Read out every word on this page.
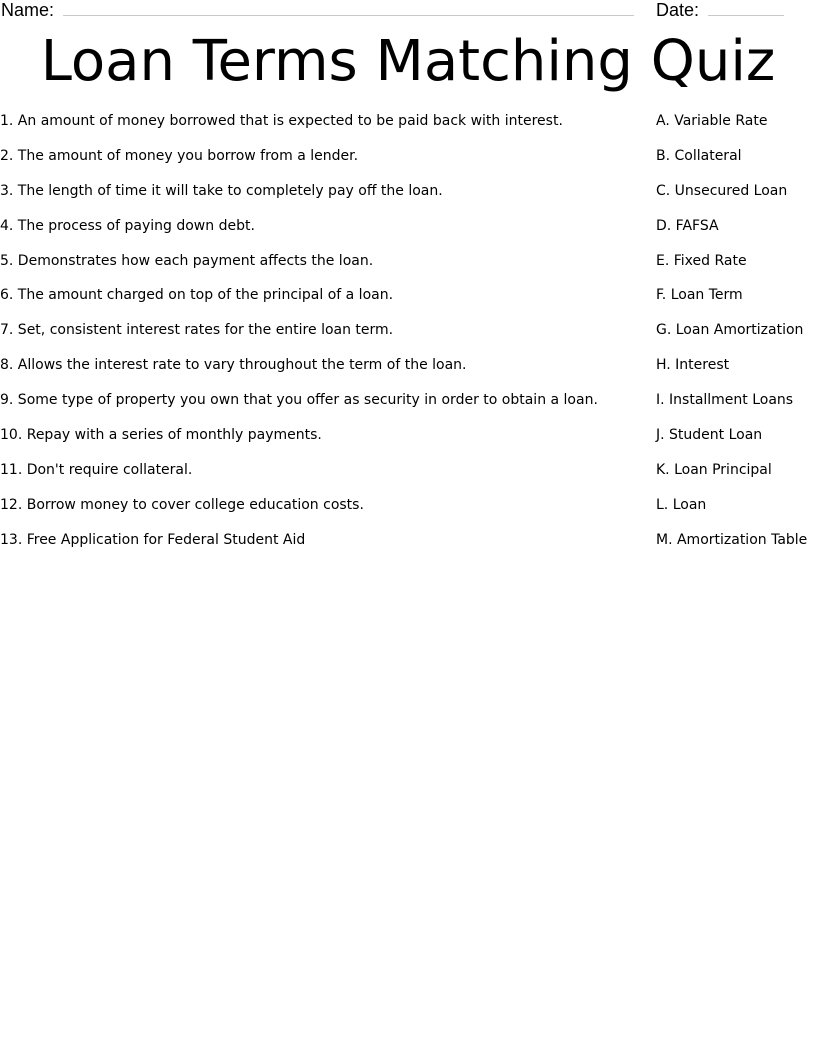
Name:	Date:
Loan Terms Matching Quiz
1. An amount of money borrowed that is expected to be paid back with interest.
2. The amount of money you borrow from a lender.
3. The length of time it will take to completely pay off the loan.
4. The process of paying down debt.
5. Demonstrates how each payment affects the loan.
6. The amount charged on top of the principal of a loan.
7. Set, consistent interest rates for the entire loan term.
8. Allows the interest rate to vary throughout the term of the loan.
9. Some type of property you own that you offer as security in order to obtain a loan.
10. Repay with a series of monthly payments.
11. Don't require collateral.
12. Borrow money to cover college education costs.
13. Free Application for Federal Student Aid
A. Variable Rate
B. Collateral
C. Unsecured Loan
D. FAFSA
E. Fixed Rate
F. Loan Term
G. Loan Amortization
H. Interest
I. Installment Loans
J. Student Loan
K. Loan Principal
L. Loan
M. Amortization Table
